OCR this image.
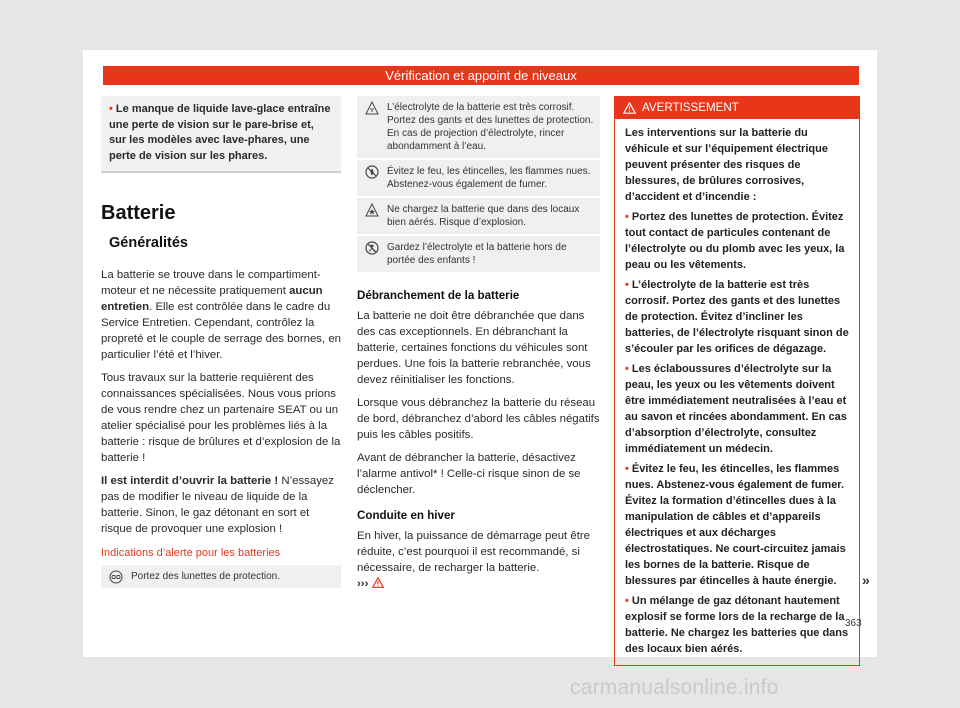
Vérification et appoint de niveaux
• Le manque de liquide lave-glace entraîne une perte de vision sur le pare-brise et, sur les modèles avec lave-phares, une perte de vision sur les phares.
Batterie
Généralités

La batterie se trouve dans le compartiment-moteur et ne nécessite pratiquement aucun entretien. Elle est contrôlée dans le cadre du Service Entretien. Cependant, contrôlez la propreté et le couple de serrage des bornes, en particulier l’été et l’hiver.

Tous travaux sur la batterie requièrent des connaissances spécialisées. Nous vous prions de vous rendre chez un partenaire SEAT ou un atelier spécialisé pour les problèmes liés à la batterie : risque de brûlures et d’explosion de la batterie !

Il est interdit d’ouvrir la batterie ! N’essayez pas de modifier le niveau de liquide de la batterie. Sinon, le gaz détonant en sort et risque de provoquer une explosion !

Indications d’alerte pour les batteries
Portez des lunettes de protection.
L’électrolyte de la batterie est très corrosif. Portez des gants et des lunettes de protection. En cas de projection d’électrolyte, rincer abondamment à l’eau.
Évitez le feu, les étincelles, les flammes nues. Abstenez-vous également de fumer.
Ne chargez la batterie que dans des locaux bien aérés. Risque d’explosion.
Gardez l’électrolyte et la batterie hors de portée des enfants !
Débranchement de la batterie

La batterie ne doit être débranchée que dans des cas exceptionnels. En débranchant la batterie, certaines fonctions du véhicules sont perdues. Une fois la batterie rebranchée, vous devez réinitialiser les fonctions.

Lorsque vous débranchez la batterie du réseau de bord, débranchez d’abord les câbles négatifs puis les câbles positifs.

Avant de débrancher la batterie, désactivez l’alarme antivol* ! Celle-ci risque sinon de se déclencher.

Conduite en hiver

En hiver, la puissance de démarrage peut être réduite, c’est pourquoi il est recommandé, si nécessaire, de recharger la batterie.

›››
AVERTISSEMENT

Les interventions sur la batterie du véhicule et sur l’équipement électrique peuvent présenter des risques de blessures, de brûlures corrosives, d’accident et d’incendie :

• Portez des lunettes de protection. Évitez tout contact de particules contenant de l’électrolyte ou du plomb avec les yeux, la peau ou les vêtements.

• L’électrolyte de la batterie est très corrosif. Portez des gants et des lunettes de protection. Évitez d’incliner les batteries, de l’électrolyte risquant sinon de s’écouler par les orifices de dégazage.

• Les éclaboussures d’électrolyte sur la peau, les yeux ou les vêtements doivent être immédiatement neutralisées à l’eau et au savon et rincées abondamment. En cas d’absorption d’électrolyte, consultez immédiatement un médecin.

• Évitez le feu, les étincelles, les flammes nues. Abstenez-vous également de fumer. Évitez la formation d’étincelles dues à la manipulation de câbles et d’appareils électriques et aux décharges électrostatiques. Ne court-circuitez jamais les bornes de la batterie. Risque de blessures par étincelles à haute énergie.

• Un mélange de gaz détonant hautement explosif se forme lors de la recharge de la batterie. Ne chargez les batteries que dans des locaux bien aérés.

»
363
carmanualsonline.info
